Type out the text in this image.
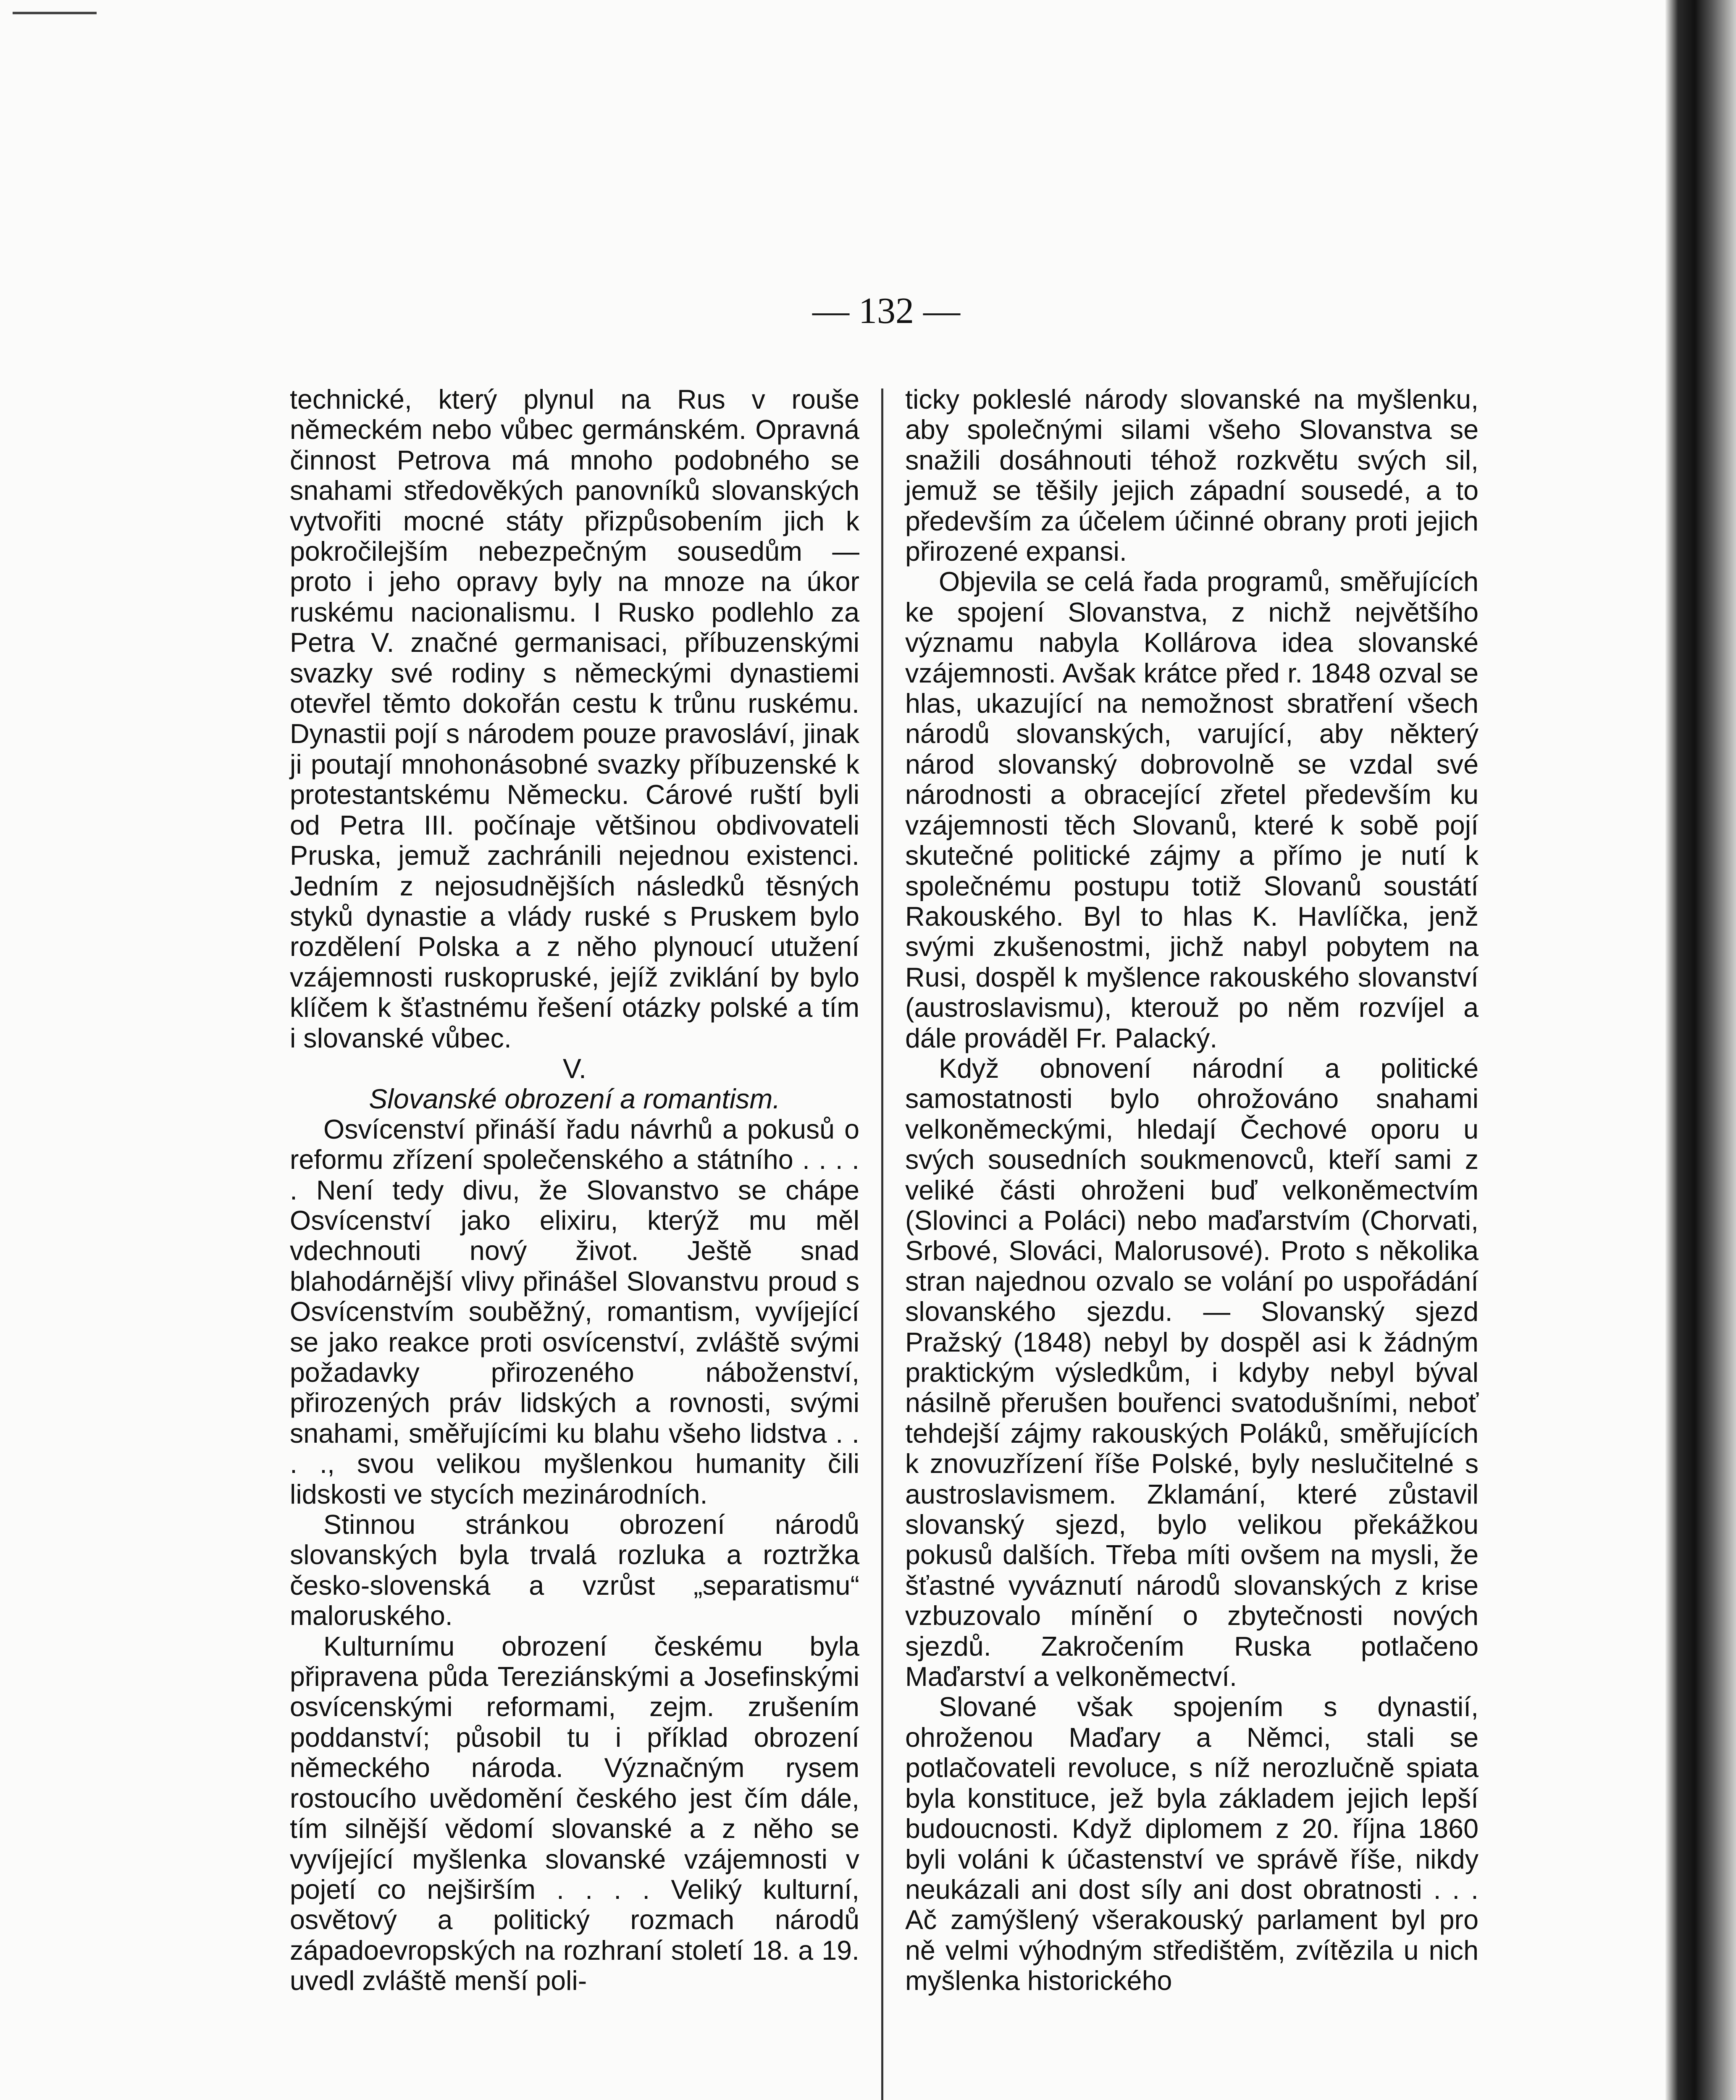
— 132 —

technické, který plynul na Rus v rouše německém nebo vůbec germánském. Opravná činnost Petrova má mnoho podobného se snahami středověkých panovníků slovanských vytvořiti mocné státy přizpůsobením jich k pokročilejším nebezpečným sousedům — proto i jeho opravy byly na mnoze na úkor ruskému nacionalismu. I Rusko podlehlo za Petra V. značné germanisaci, příbuzenskými svazky své rodiny s německými dynastiemi otevřel těmto dokořán cestu k trůnu ruskému. Dynastii pojí s národem pouze pravosláví, jinak ji poutají mnohonásobné svazky příbuzenské k protestantskému Německu. Cárové ruští byli od Petra III. počínaje většinou obdivovateli Pruska, jemuž zachránili nejednou existenci. Jedním z nejosudnějších následků těsných styků dynastie a vlády ruské s Pruskem bylo rozdělení Polska a z něho plynoucí utužení vzájemnosti ruskopruské, jejíž zviklání by bylo klíčem k šťastnému řešení otázky polské a tím i slovanské vůbec.

V.

Slovanské obrození a romantism.

Osvícenství přináší řadu návrhů a pokusů o reformu zřízení společenského a státního . . . . . Není tedy divu, že Slovanstvo se chápe Osvícenství jako elixiru, kterýž mu měl vdechnouti nový život. Ještě snad blahodárnější vlivy přinášel Slovanstvu proud s Osvícenstvím souběžný, romantism, vyvíjející se jako reakce proti osvícenství, zvláště svými požadavky přirozeného náboženství, přirozených práv lidských a rovnosti, svými snahami, směřujícími ku blahu všeho lidstva . . . ., svou velikou myšlenkou humanity čili lidskosti ve stycích mezinárodních.

Stinnou stránkou obrození národů slovanských byla trvalá rozluka a roztržka česko-slovenská a vzrůst „separatismu“ maloruského.

Kulturnímu obrození českému byla připravena půda Tereziánskými a Josefinskými osvícenskými reformami, zejm. zrušením poddanství; působil tu i příklad obrození německého národa. Význačným rysem rostoucího uvědomění českého jest čím dále, tím silnější vědomí slovanské a z něho se vyvíjející myšlenka slovanské vzájemnosti v pojetí co nejširším . . . . Veliký kulturní, osvětový a politický rozmach národů západoevropských na rozhraní století 18. a 19. uvedl zvláště menší poli-

ticky pokleslé národy slovanské na myšlenku, aby společnými silami všeho Slovanstva se snažili dosáhnouti téhož rozkvětu svých sil, jemuž se těšily jejich západní sousedé, a to především za účelem účinné obrany proti jejich přirozené expansi.

Objevila se celá řada programů, směřujících ke spojení Slovanstva, z nichž největšího významu nabyla Kollárova idea slovanské vzájemnosti. Avšak krátce před r. 1848 ozval se hlas, ukazující na nemožnost sbratření všech národů slovanských, varující, aby některý národ slovanský dobrovolně se vzdal své národnosti a obracející zřetel především ku vzájemnosti těch Slovanů, které k sobě pojí skutečné politické zájmy a přímo je nutí k společnému postupu totiž Slovanů soustátí Rakouského. Byl to hlas K. Havlíčka, jenž svými zkušenostmi, jichž nabyl pobytem na Rusi, dospěl k myšlence rakouského slovanství (austroslavismu), kterouž po něm rozvíjel a dále prováděl Fr. Palacký.

Když obnovení národní a politické samostatnosti bylo ohrožováno snahami velkoněmeckými, hledají Čechové oporu u svých sousedních soukmenovců, kteří sami z veliké části ohroženi buď velkoněmectvím (Slovinci a Poláci) nebo maďarstvím (Chorvati, Srbové, Slováci, Malorusové). Proto s několika stran najednou ozvalo se volání po uspořádání slovanského sjezdu. — Slovanský sjezd Pražský (1848) nebyl by dospěl asi k žádným praktickým výsledkům, i kdyby nebyl býval násilně přerušen bouřenci svatodušními, neboť tehdejší zájmy rakouských Poláků, směřujících k znovuzřízení říše Polské, byly neslučitelné s austroslavismem. Zklamání, které zůstavil slovanský sjezd, bylo velikou překážkou pokusů dalších. Třeba míti ovšem na mysli, že šťastné vyváznutí národů slovanských z krise vzbuzovalo mínění o zbytečnosti nových sjezdů. Zakročením Ruska potlačeno Maďarství a velkoněmectví.

Slované však spojením s dynastií, ohroženou Maďary a Němci, stali se potlačovateli revoluce, s níž nerozlučně spiata byla konstituce, jež byla základem jejich lepší budoucnosti. Když diplomem z 20. října 1860 byli voláni k účastenství ve správě říše, nikdy neukázali ani dost síly ani dost obratnosti . . . Ač zamýšlený všerakouský parlament byl pro ně velmi výhodným středištěm, zvítězila u nich myšlenka historického
